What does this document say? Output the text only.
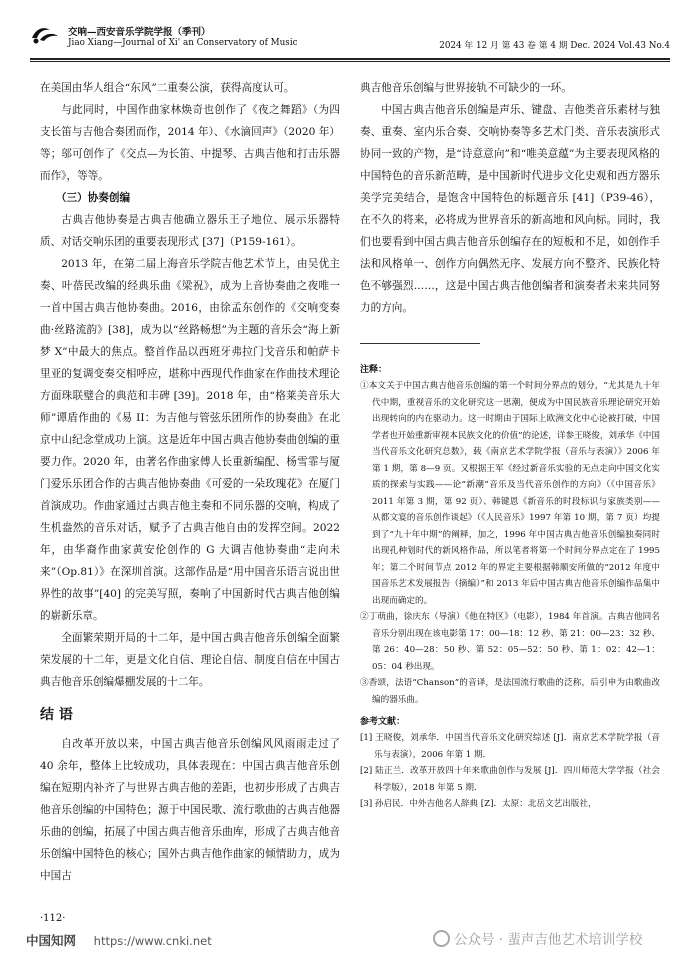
交响—西安音乐学院学报（季刊）
Jiao Xiang—Journal of Xi' an Conservatory of Music	2024 年 12 月 第 43 卷 第 4 期 Dec. 2024 Vol.43 No.4

在美国由华人组合“东风”二重奏公演，获得高度认可。

与此同时，中国作曲家林焕奇也创作了《夜之舞蹈》（为四支长笛与吉他合奏团而作，2014 年）、《水滴回声》（2020 年）等；邬可创作了《交点—为长笛、中提琴、古典吉他和打击乐器而作》，等等。

（三）协奏创编

古典吉他协奏是古典吉他确立器乐王子地位、展示乐器特质、对话交响乐团的重要表现形式 [37]（P159-161）。

2013 年，在第二届上海音乐学院吉他艺术节上，由吴优主奏、叶蓓民改编的经典乐曲《梁祝》，成为上音协奏曲之夜唯一一首中国古典吉他协奏曲。2016，由徐孟东创作的《交响变奏曲·丝路流韵》[38]，成为以“丝路畅想”为主题的音乐会“海上新梦 X”中最大的焦点。整首作品以西班牙弗拉门戈音乐和帕萨卡里亚的复调变奏交相呼应，堪称中西现代作曲家在作曲技术理论方面珠联璧合的典范和丰碑 [39]。2018 年，由“格莱美音乐大师”谭盾作曲的《易 II：为吉他与管弦乐团所作的协奏曲》在北京中山纪念堂成功上演。这是近年中国古典吉他协奏曲创编的重要力作。2020 年，由著名作曲家傅人长重新编配、杨雪霏与厦门爱乐乐团合作的古典吉他协奏曲《可爱的一朵玫瑰花》在厦门首演成功。作曲家通过古典吉他主奏和不同乐器的交响，构成了生机盎然的音乐对话，赋予了古典吉他自由的发挥空间。2022 年，由华裔作曲家黄安伦创作的 G 大调吉他协奏曲“走向未来”（Op.81）》在深圳首演。这部作品是“用中国音乐语言说出世界性的故事”[40] 的完美写照，奏响了中国新时代古典吉他创编的崭新乐章。

全面繁荣期开局的十二年，是中国古典吉他音乐创编全面繁荣发展的十二年，更是文化自信、理论自信、制度自信在中国古典吉他音乐创编爆棚发展的十二年。

结 语

自改革开放以来，中国古典吉他音乐创编风风雨雨走过了 40 余年，整体上比较成功，具体表现在：中国古典吉他音乐创编在短期内补齐了与世界古典吉他的差距，也初步形成了古典吉他音乐创编的中国特色；源于中国民歌、流行歌曲的古典吉他器乐曲的创编，拓展了中国古典吉他音乐曲库，形成了古典吉他音乐创编中国特色的核心；国外古典吉他作曲家的倾情助力，成为中国古

典吉他音乐创编与世界接轨不可缺少的一环。

中国古典吉他音乐创编是声乐、键盘、吉他类音乐素材与独奏、重奏、室内乐合奏、交响协奏等多艺术门类、音乐表演形式协同一致的产物，是“诗意意向”和“唯美意蕴”为主要表现风格的中国特色的音乐新范畴，是中国新时代进步文化史观和西方器乐美学完美结合，是饱含中国特色的标题音乐 [41]（P39-46），在不久的将来，必将成为世界音乐的新高地和风向标。同时，我们也要看到中国古典吉他音乐创编存在的短板和不足，如创作手法和风格单一、创作方向偶然无序、发展方向不整齐、民族化特色不够强烈……，这是中国古典吉他创编者和演奏者未来共同努力的方向。

注释：

①本文关于中国古典吉他音乐创编的第一个时间分界点的划分，“尤其是九十年代中期，重视音乐的文化研究这一思潮，便成为中国民族音乐理论研究开始出现转向的内在驱动力。这一时期由于国际上欧洲文化中心论被打破，中国学者也开始重新审视本民族文化的价值”的论述，详参王晓俊，刘承华《中国当代音乐文化研究总数》，载《南京艺术学院学报（音乐与表演）》2006 年第 1 期，第 8—9 页。又根据王军《经过新音乐实验的无点走向中国文化实质的探索与实践——论“新潮”音乐及当代音乐创作的方向》（《中国音乐》2011 年第 3 期，第 92 页）、韩键恩《新音乐的时段标识与家族类别——从都文宴的音乐创作谈起》（《人民音乐》1997 年第 10 期，第 7 页）均提到了“九十年中期”的阐释，加之，1996 年中国古典吉他音乐创编独奏同时出现孔种划时代的新风格作品，所以笔者将第一个时间分界点定在了 1995 年；第二个时间节点 2012 年的界定主要根据韩顺安所做的“2012 年度中国音乐艺术发展报告（摘编）”和 2013 年后中国古典吉他音乐创编作品集中出现而确定的。

②丁萌曲，徐庆东（导演）《他在特区》（电影），1984 年首演。古典吉他同名音乐分别出现在该电影第 17：00—18：12 秒、第 21：00—23：32 秒、第 26：40—28：50 秒、第 52：05—52：50 秒、第 1：02：42—1：05：04 秒出现。

③香颂，法语“Chanson”的音译，是法国流行歌曲的泛称，后引申为由歌曲改编的器乐曲。

参考文献：

[1] 王晓俊，刘承华．中国当代音乐文化研究综述 [J]．南京艺术学院学报（音乐与表演），2006 年第 1 期．

[2] 陆正兰．改革开放四十年来歌曲创作与发展 [J]．四川师范大学学报（社会科学版），2018 年第 5 期．

[3] 孙启民．中外吉他名人辞典 [Z]．太原：北岳文艺出版社，

·112·
中国知网 https://www.cnki.net	公众号 · 蜚声吉他艺术培训学校
